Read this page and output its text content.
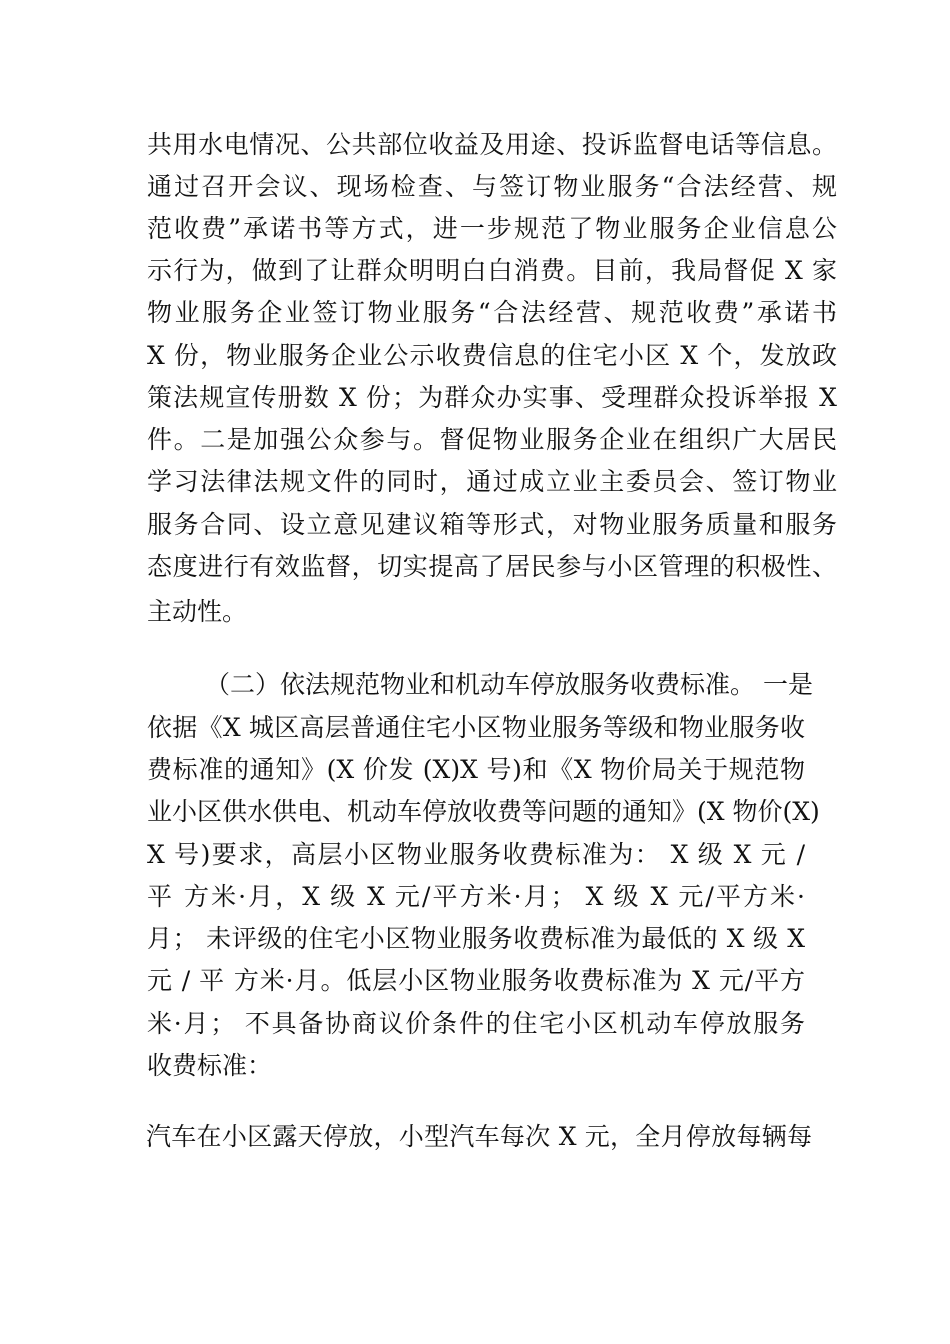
共用水电情况、公共部位收益及用途、投诉监督电话等信息。
通过召开会议、现场检查、与签订物业服务“合法经营、规
范收费”承诺书等方式，进一步规范了物业服务企业信息公
示行为，做到了让群众明明白白消费。目前，我局督促 X 家
物业服务企业签订物业服务“合法经营、规范收费”承诺书
X 份，物业服务企业公示收费信息的住宅小区 X 个，发放政
策法规宣传册数 X 份；为群众办实事、受理群众投诉举报 X
件。二是加强公众参与。督促物业服务企业在组织广大居民
学习法律法规文件的同时，通过成立业主委员会、签订物业
服务合同、设立意见建议箱等形式，对物业服务质量和服务
态度进行有效监督，切实提高了居民参与小区管理的积极性、
主动性。
（二）依法规范物业和机动车停放服务收费标准。 一是
依据《X 城区高层普通住宅小区物业服务等级和物业服务收
费标准的通知》(X 价发 (X)X 号)和《X 物价局关于规范物
业小区供水供电、机动车停放收费等问题的通知》(X 物价(X)
X 号)要求，高层小区物业服务收费标准为： X 级 X 元 /
平 方米·月，X 级 X 元/平方米·月； X 级 X 元/平方米·
月； 未评级的住宅小区物业服务收费标准为最低的 X 级 X
元 / 平 方米·月。低层小区物业服务收费标准为 X 元/平方
米·月； 不具备协商议价条件的住宅小区机动车停放服务
收费标准：
汽车在小区露天停放，小型汽车每次 X 元，全月停放每辆每
